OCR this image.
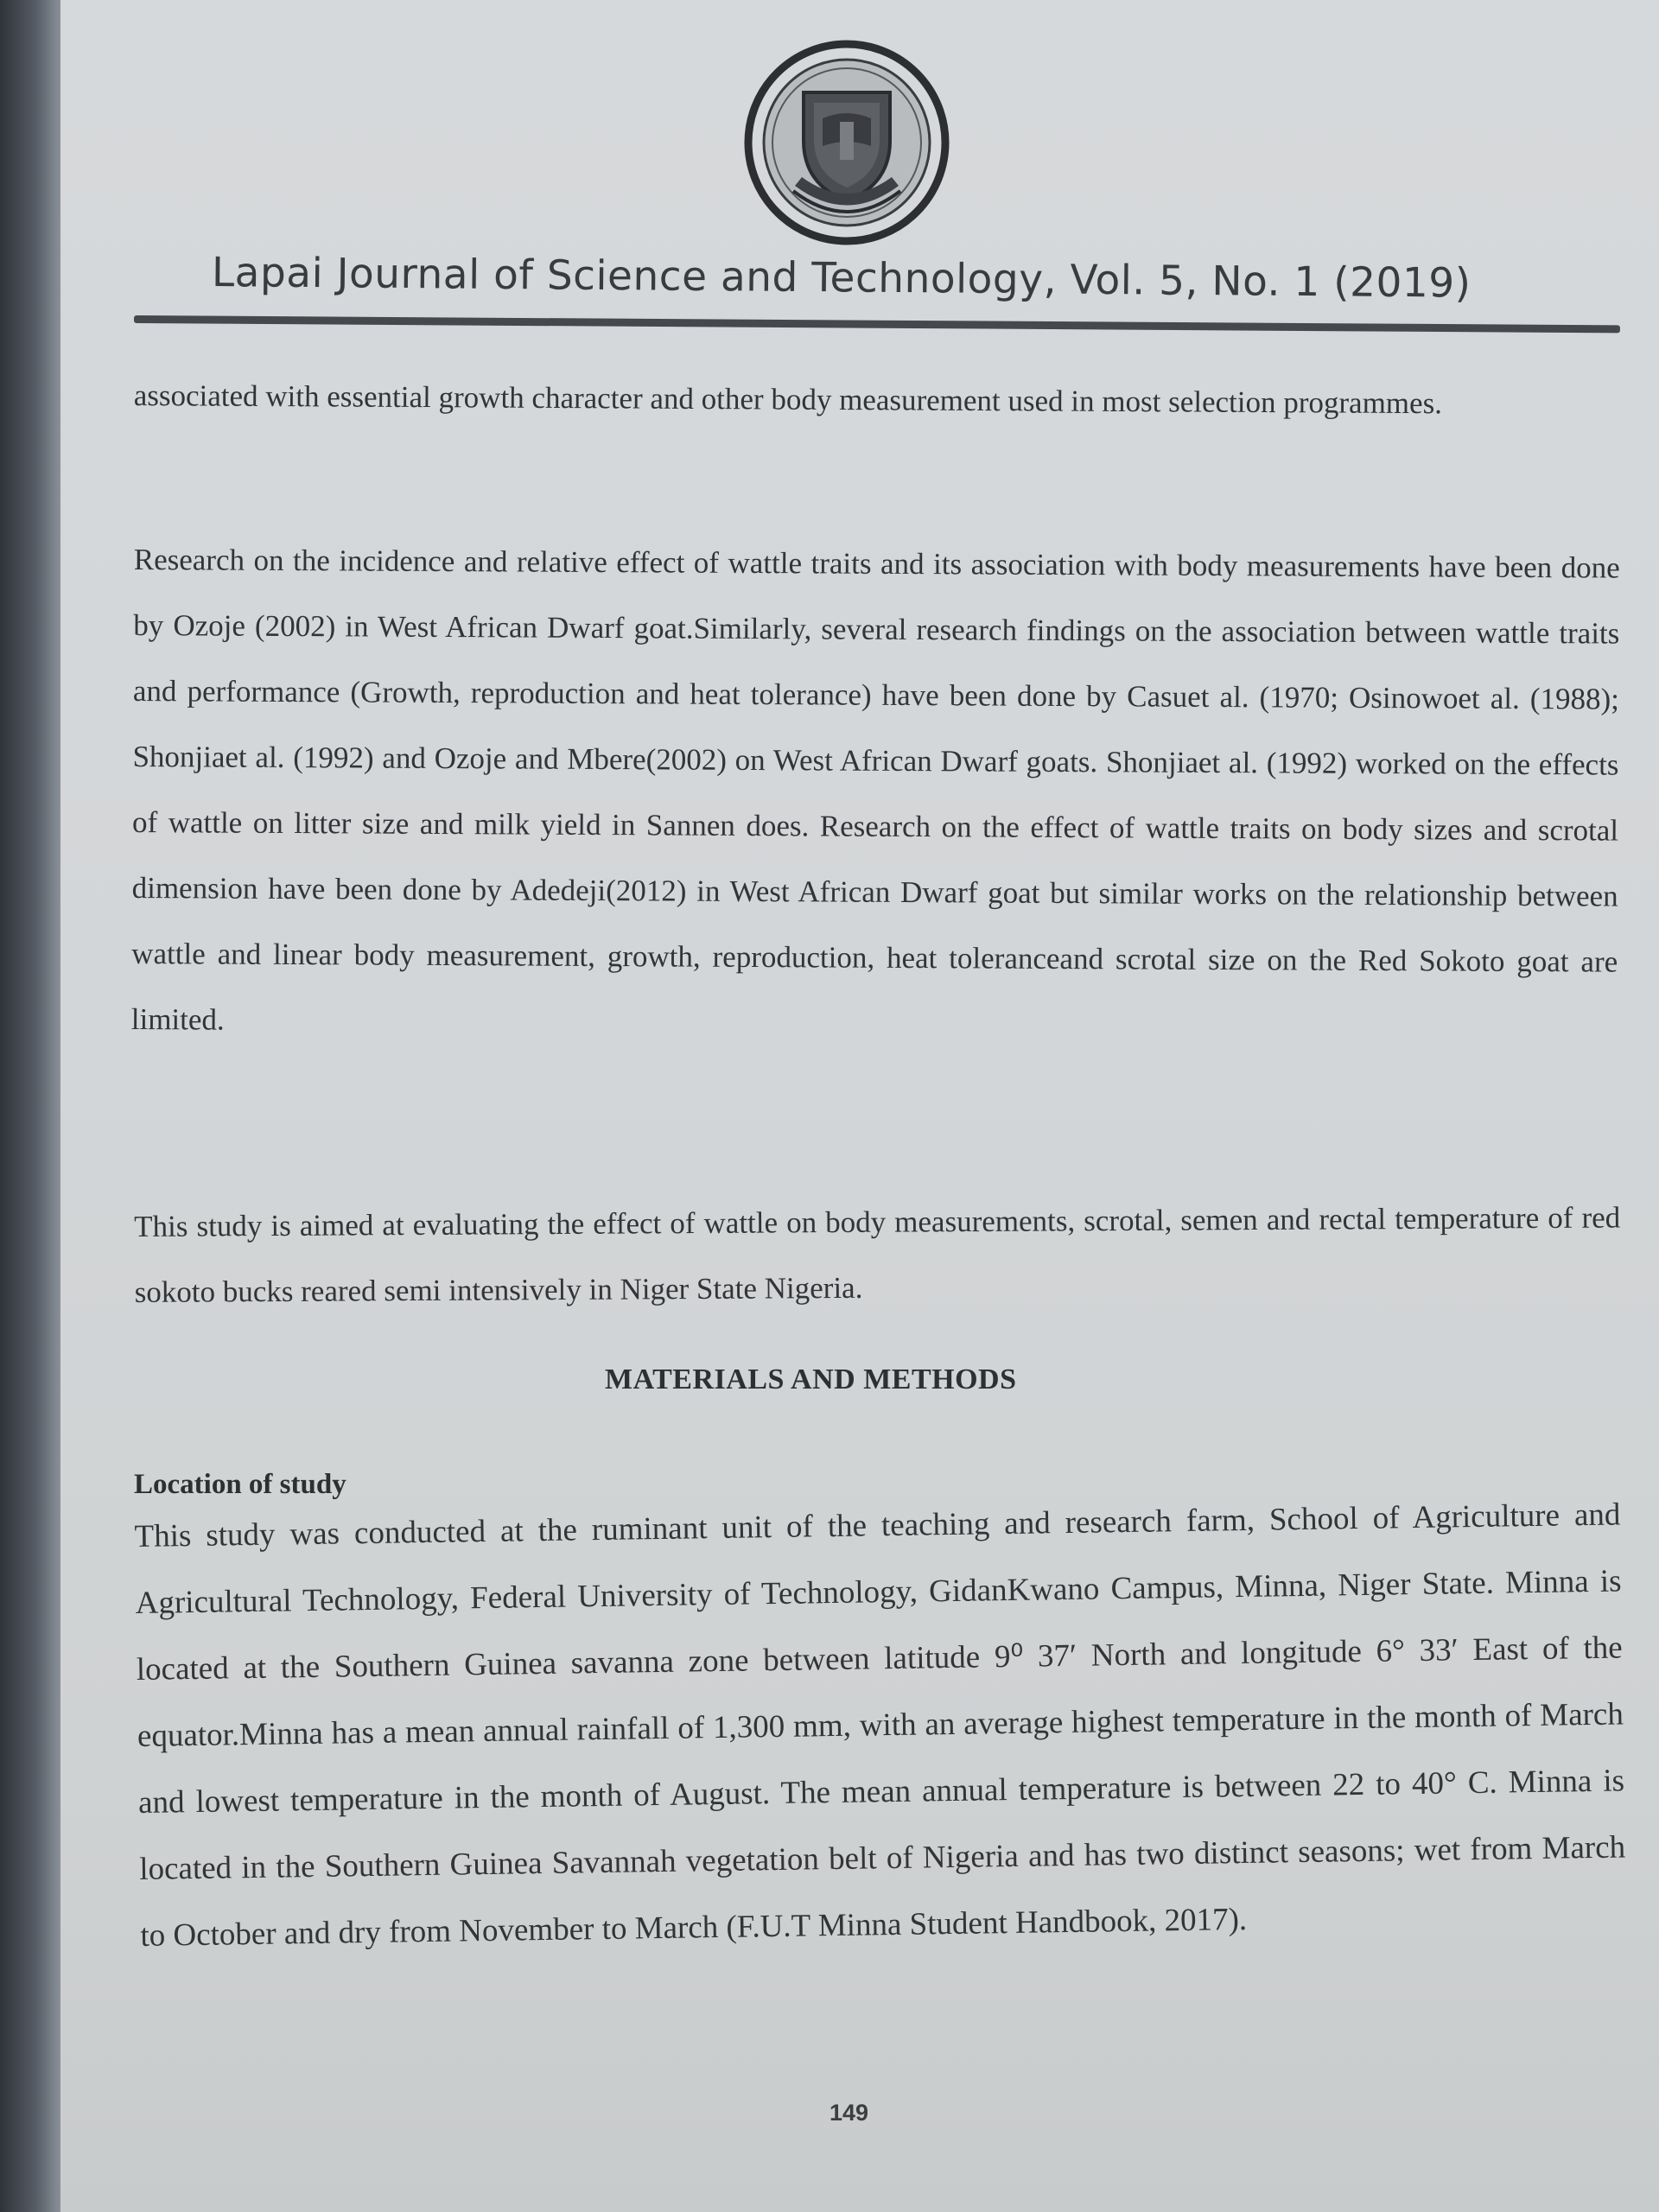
Lapai Journal of Science and Technology, Vol. 5, No. 1 (2019)
associated with essential growth character and other body measurement used in most selection programmes.
Research on the incidence and relative effect of wattle traits and its association with body measurements have been done by Ozoje (2002) in West African Dwarf goat.Similarly, several research findings on the association between wattle traits and performance (Growth, reproduction and heat tolerance) have been done by Casuet al. (1970; Osinowoet al. (1988); Shonjiaet al. (1992) and Ozoje and Mbere(2002) on West African Dwarf goats. Shonjiaet al. (1992) worked on the effects of wattle on litter size and milk yield in Sannen does. Research on the effect of wattle traits on body sizes and scrotal dimension have been done by Adedeji(2012) in West African Dwarf goat but similar works on the relationship between wattle and linear body measurement, growth, reproduction, heat toleranceand scrotal size on the Red Sokoto goat are limited.
This study is aimed at evaluating the effect of wattle on body measurements, scrotal, semen and rectal temperature of red sokoto bucks reared semi intensively in Niger State Nigeria.
MATERIALS AND METHODS
Location of study
This study was conducted at the ruminant unit of the teaching and research farm, School of Agriculture and Agricultural Technology, Federal University of Technology, GidanKwano Campus, Minna, Niger State. Minna is located at the Southern Guinea savanna zone between latitude 9⁰ 37′ North and longitude 6° 33′ East of the equator.Minna has a mean annual rainfall of 1,300 mm, with an average highest temperature in the month of March and lowest temperature in the month of August. The mean annual temperature is between 22 to 40° C. Minna is located in the Southern Guinea Savannah vegetation belt of Nigeria and has two distinct seasons; wet from March to October and dry from November to March (F.U.T Minna Student Handbook, 2017).
149
